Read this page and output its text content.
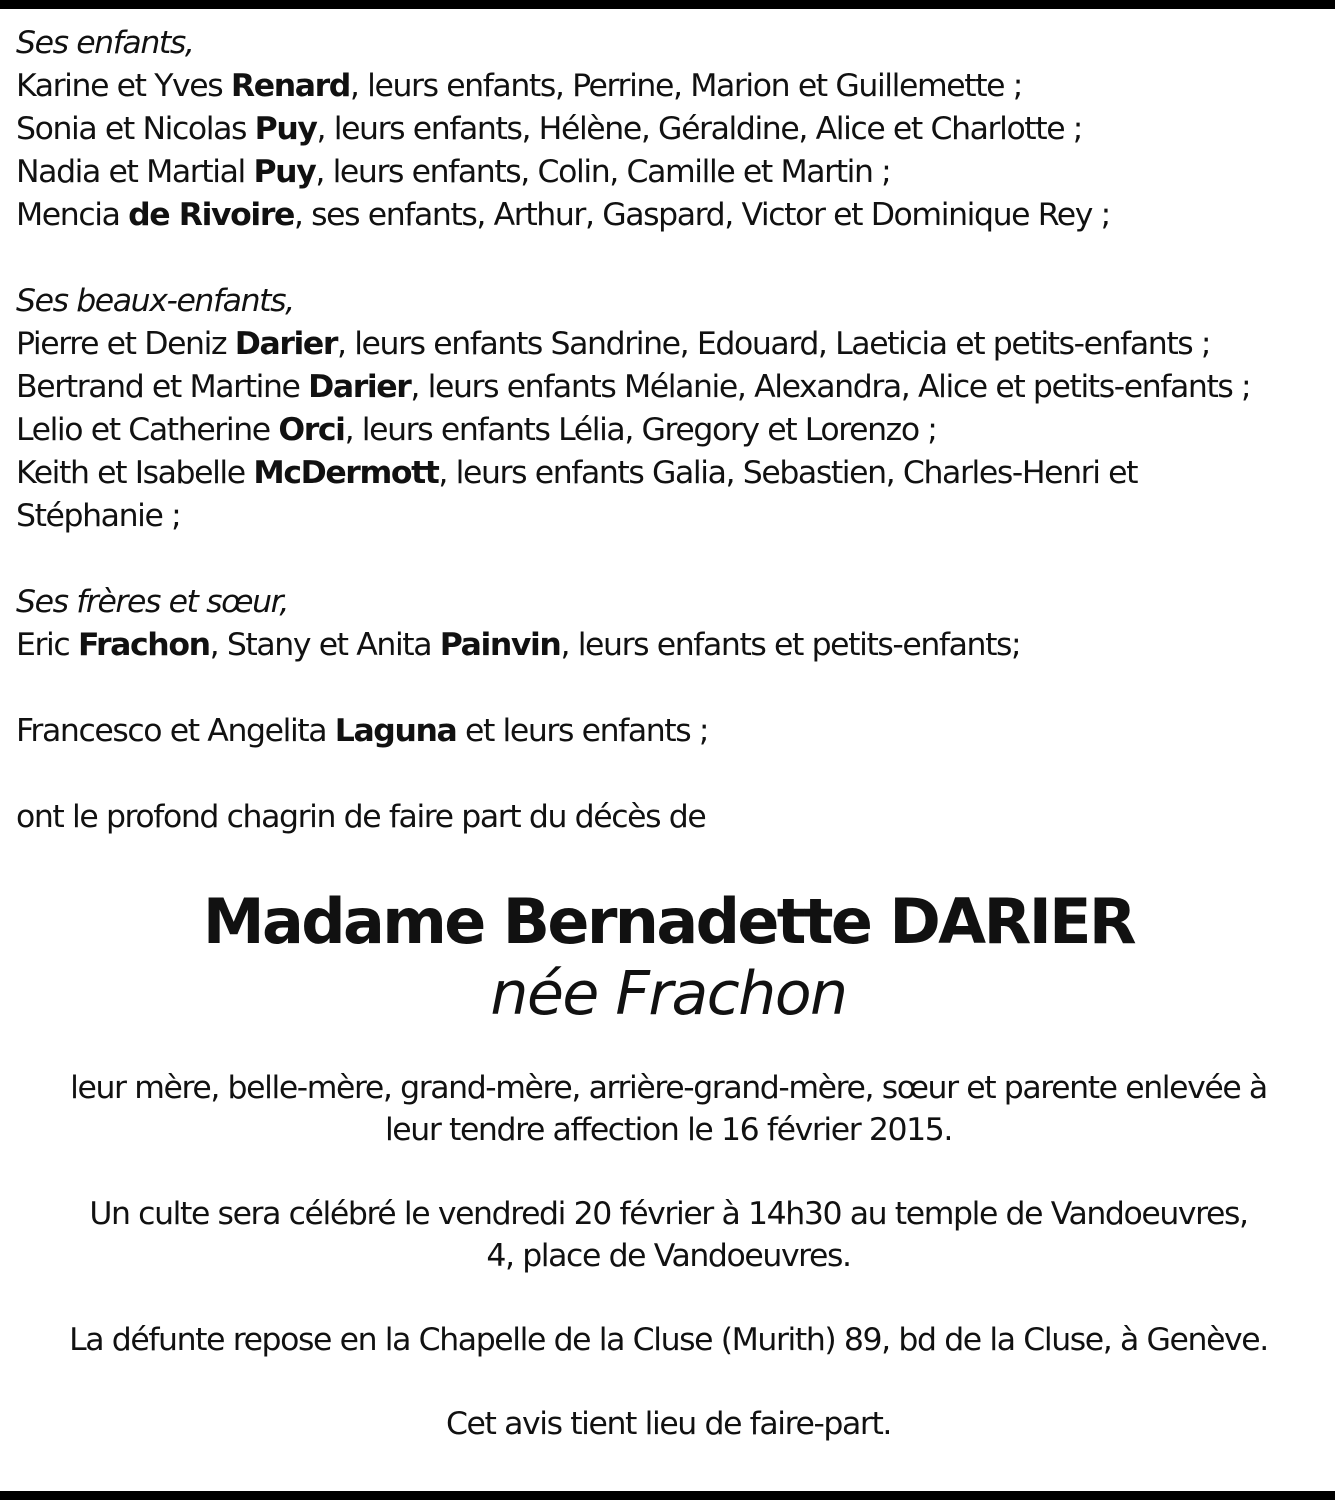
Ses enfants,
Karine et Yves Renard, leurs enfants, Perrine, Marion et Guillemette ;
Sonia et Nicolas Puy, leurs enfants, Hélène, Géraldine, Alice et Charlotte ;
Nadia et Martial Puy, leurs enfants, Colin, Camille et Martin ;
Mencia de Rivoire, ses enfants, Arthur, Gaspard, Victor et Dominique Rey ;
Ses beaux-enfants,
Pierre et Deniz Darier, leurs enfants Sandrine, Edouard, Laeticia et petits-enfants ;
Bertrand et Martine Darier, leurs enfants Mélanie, Alexandra, Alice et petits-enfants ;
Lelio et Catherine Orci, leurs enfants Lélia, Gregory et Lorenzo ;
Keith et Isabelle McDermott, leurs enfants Galia, Sebastien, Charles-Henri et
Stéphanie ;
Ses frères et sœur,
Eric Frachon, Stany et Anita Painvin, leurs enfants et petits-enfants;
Francesco et Angelita Laguna et leurs enfants ;
ont le profond chagrin de faire part du décès de
Madame Bernadette DARIER
née Frachon
leur mère, belle-mère, grand-mère, arrière-grand-mère, sœur et parente enlevée à
leur tendre affection le 16 février 2015.
Un culte sera célébré le vendredi 20 février à 14h30 au temple de Vandoeuvres,
4, place de Vandoeuvres.
La défunte repose en la Chapelle de la Cluse (Murith) 89, bd de la Cluse, à Genève.
Cet avis tient lieu de faire-part.
